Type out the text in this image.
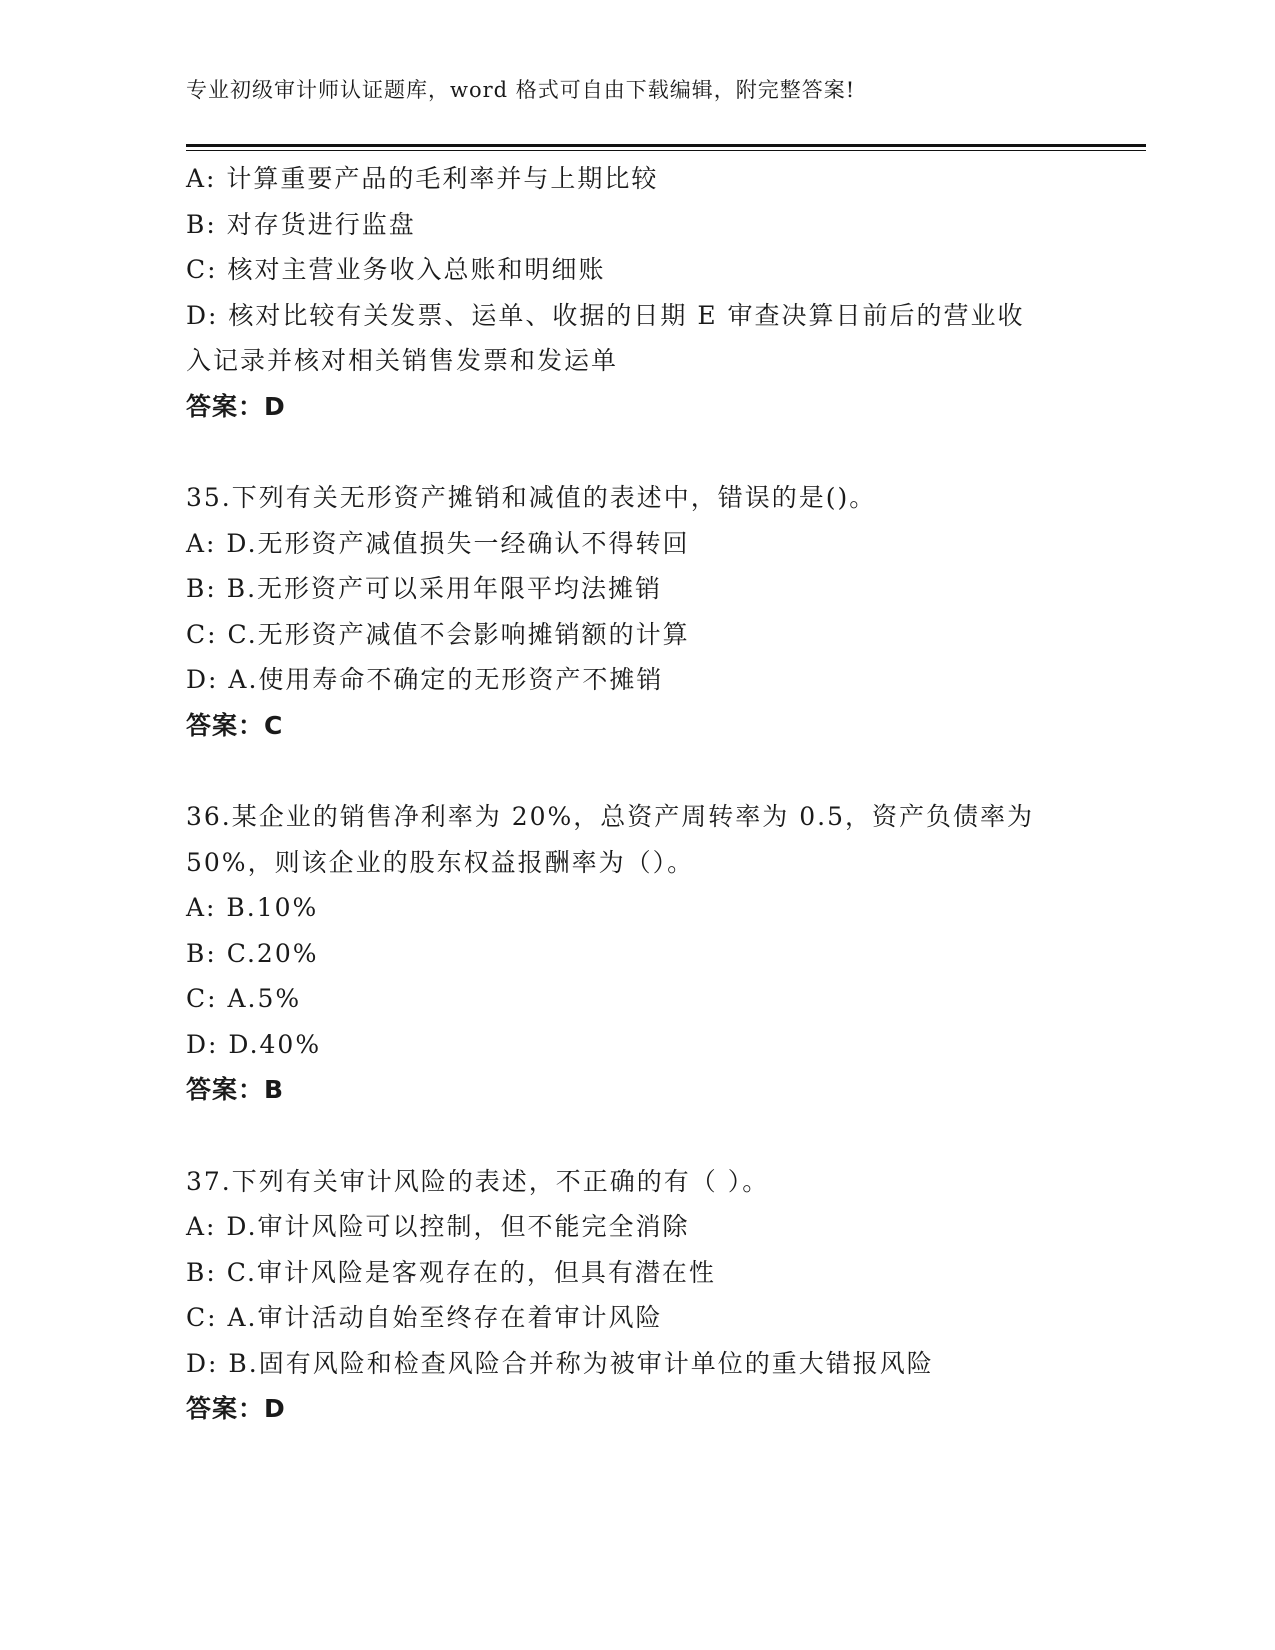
专业初级审计师认证题库，word 格式可自由下载编辑，附完整答案!
A: 计算重要产品的毛利率并与上期比较
B: 对存货进行监盘
C: 核对主营业务收入总账和明细账
D: 核对比较有关发票、运单、收据的日期 E 审查决算日前后的营业收
入记录并核对相关销售发票和发运单
答案：D
35.下列有关无形资产摊销和减值的表述中，错误的是()。
A: D.无形资产减值损失一经确认不得转回
B: B.无形资产可以采用年限平均法摊销
C: C.无形资产减值不会影响摊销额的计算
D: A.使用寿命不确定的无形资产不摊销
答案：C
36.某企业的销售净利率为 20%，总资产周转率为 0.5，资产负债率为
50%，则该企业的股东权益报酬率为（）。
A: B.10%
B: C.20%
C: A.5%
D: D.40%
答案：B
37.下列有关审计风险的表述，不正确的有（ ）。
A: D.审计风险可以控制，但不能完全消除
B: C.审计风险是客观存在的，但具有潜在性
C: A.审计活动自始至终存在着审计风险
D: B.固有风险和检查风险合并称为被审计单位的重大错报风险
答案：D
